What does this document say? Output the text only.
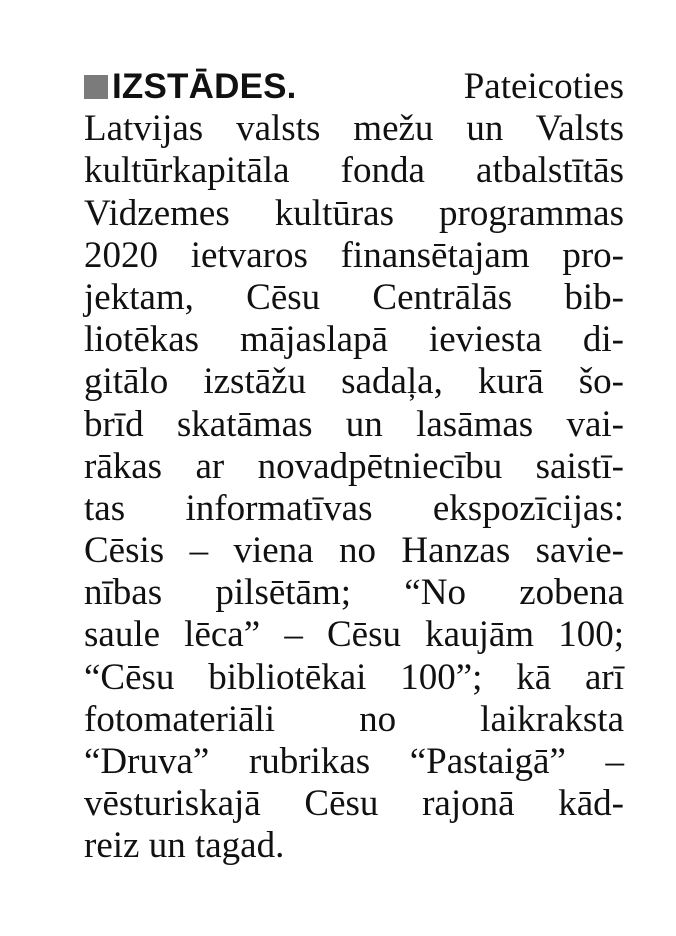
IZSTĀDES.	Pateicoties
Latvijas valsts mežu un Valsts
kultūrkapitāla fonda atbalstītās
Vidzemes kultūras programmas
2020 ietvaros finansētajam pro-
jektam, Cēsu Centrālās bib-
liotēkas mājaslapā ieviesta di-
gitālo izstāžu sadaļa, kurā šo-
brīd skatāmas un lasāmas vai-
rākas ar novadpētniecību saistī-
tas informatīvas ekspozīcijas:
Cēsis – viena no Hanzas savie-
nības pilsētām; “No zobena
saule lēca” – Cēsu kaujām 100;
“Cēsu bibliotēkai 100”; kā arī
fotomateriāli no laikraksta
“Druva” rubrikas “Pastaigā” –
vēsturiskajā Cēsu rajonā kād-
reiz un tagad.
